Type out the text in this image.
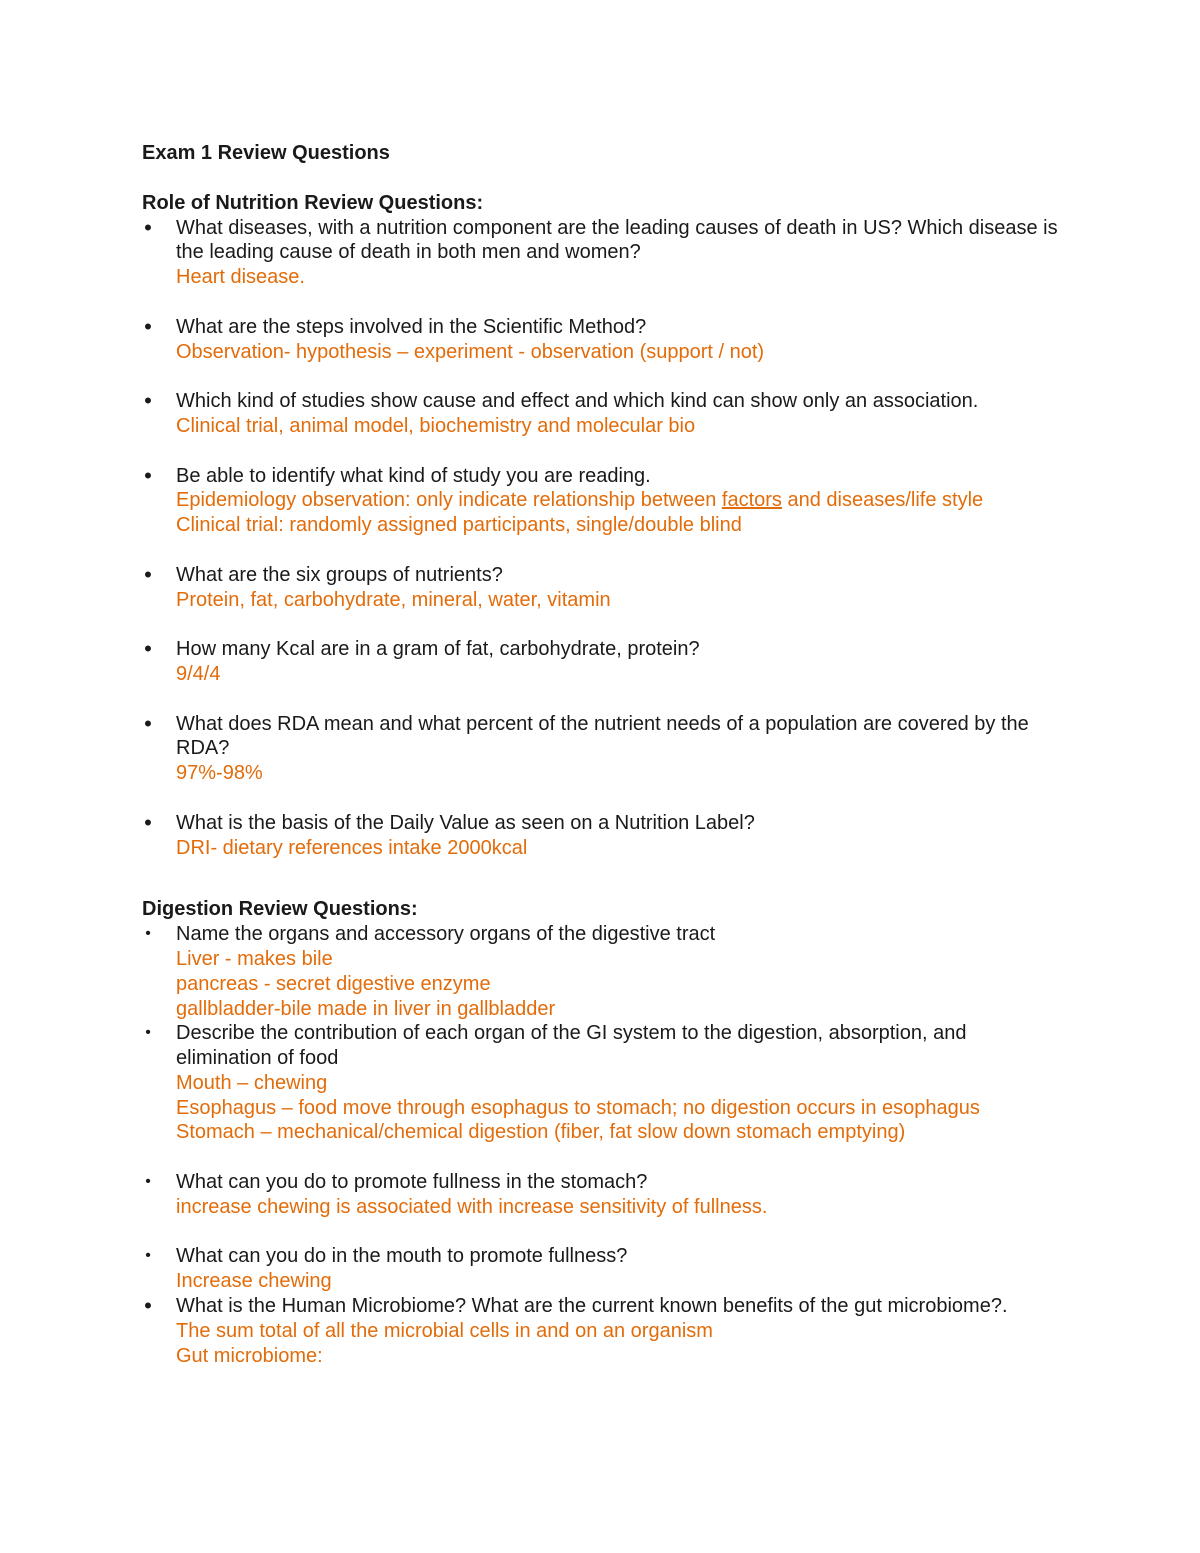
Exam 1 Review Questions
Role of Nutrition Review Questions:
• What diseases, with a nutrition component are the leading causes of death in US? Which disease is the leading cause of death in both men and women?
Heart disease.
• What are the steps involved in the Scientific Method?
Observation- hypothesis – experiment - observation (support / not)
• Which kind of studies show cause and effect and which kind can show only an association.
Clinical trial, animal model, biochemistry and molecular bio
• Be able to identify what kind of study you are reading.
Epidemiology observation: only indicate relationship between factors and diseases/life style
Clinical trial: randomly assigned participants, single/double blind
• What are the six groups of nutrients?
Protein, fat, carbohydrate, mineral, water, vitamin
• How many Kcal are in a gram of fat, carbohydrate, protein?
9/4/4
• What does RDA mean and what percent of the nutrient needs of a population are covered by the RDA?
97%-98%
• What is the basis of the Daily Value as seen on a Nutrition Label?
DRI- dietary references intake 2000kcal
Digestion Review Questions:
• Name the organs and accessory organs of the digestive tract
Liver - makes bile
pancreas - secret digestive enzyme
gallbladder-bile made in liver in gallbladder
• Describe the contribution of each organ of the GI system to the digestion, absorption, and elimination of food
Mouth – chewing
Esophagus – food move through esophagus to stomach; no digestion occurs in esophagus
Stomach – mechanical/chemical digestion (fiber, fat slow down stomach emptying)
• What can you do to promote fullness in the stomach?
increase chewing is associated with increase sensitivity of fullness.
• What can you do in the mouth to promote fullness?
Increase chewing
• What is the Human Microbiome? What are the current known benefits of the gut microbiome?.
The sum total of all the microbial cells in and on an organism
Gut microbiome:
